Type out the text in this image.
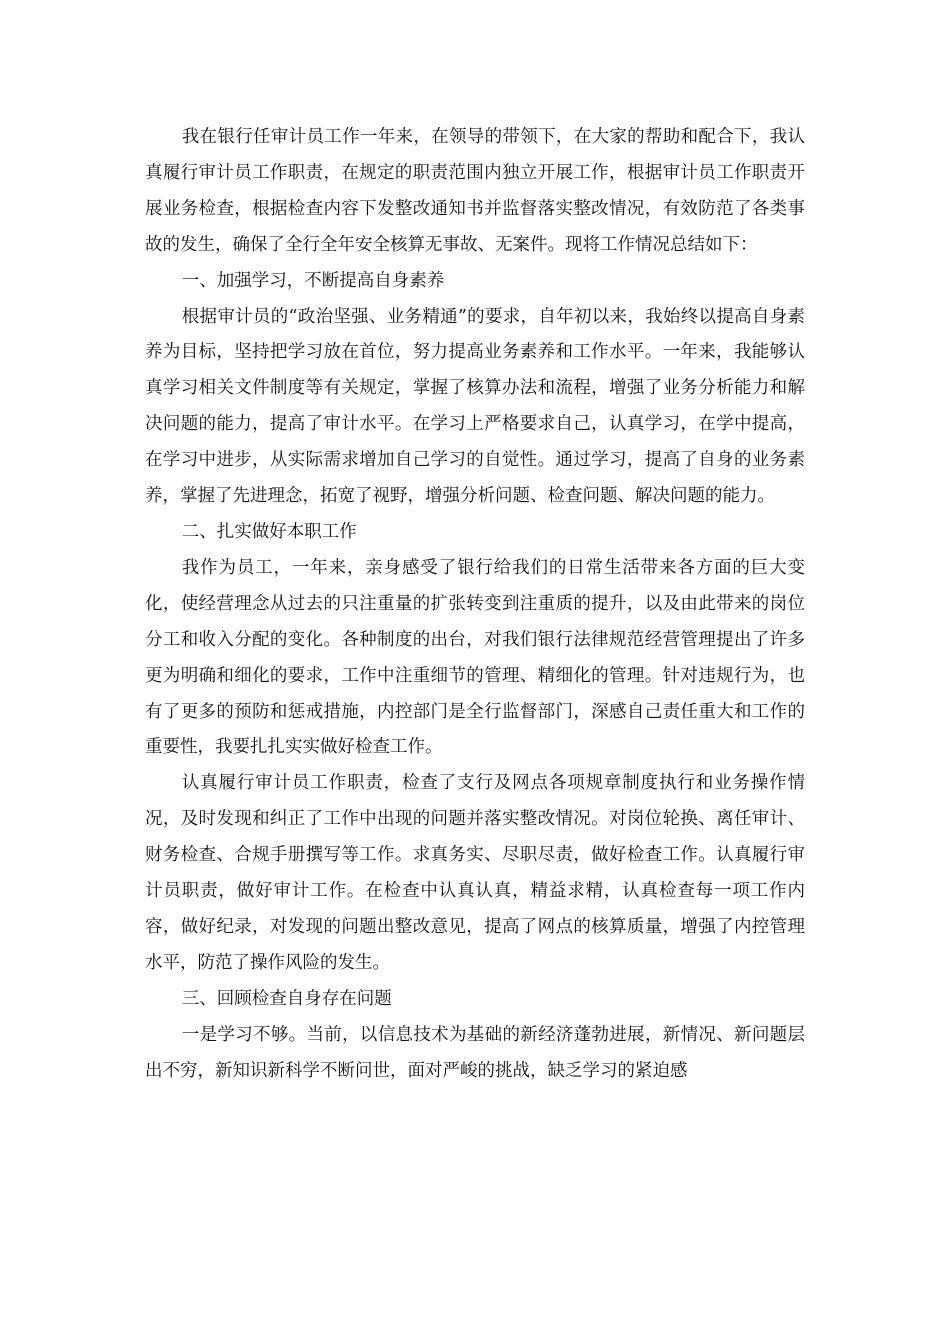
我在银行任审计员工作一年来，在领导的带领下，在大家的帮助和配合下，我认真履行审计员工作职责，在规定的职责范围内独立开展工作，根据审计员工作职责开展业务检查，根据检查内容下发整改通知书并监督落实整改情况，有效防范了各类事故的发生，确保了全行全年安全核算无事故、无案件。现将工作情况总结如下：

一、加强学习，不断提高自身素养

根据审计员的“政治坚强、业务精通”的要求，自年初以来，我始终以提高自身素养为目标，坚持把学习放在首位，努力提高业务素养和工作水平。一年来，我能够认真学习相关文件制度等有关规定，掌握了核算办法和流程，增强了业务分析能力和解决问题的能力，提高了审计水平。在学习上严格要求自己，认真学习，在学中提高，在学习中进步，从实际需求增加自己学习的自觉性。通过学习，提高了自身的业务素养，掌握了先进理念，拓宽了视野，增强分析问题、检查问题、解决问题的能力。

二、扎实做好本职工作

我作为员工，一年来，亲身感受了银行给我们的日常生活带来各方面的巨大变化，使经营理念从过去的只注重量的扩张转变到注重质的提升，以及由此带来的岗位分工和收入分配的变化。各种制度的出台，对我们银行法律规范经营管理提出了许多更为明确和细化的要求，工作中注重细节的管理、精细化的管理。针对违规行为，也有了更多的预防和惩戒措施，内控部门是全行监督部门，深感自己责任重大和工作的重要性，我要扎扎实实做好检查工作。

认真履行审计员工作职责，检查了支行及网点各项规章制度执行和业务操作情况，及时发现和纠正了工作中出现的问题并落实整改情况。对岗位轮换、离任审计、财务检查、合规手册撰写等工作。求真务实、尽职尽责，做好检查工作。认真履行审计员职责，做好审计工作。在检查中认真认真，精益求精，认真检查每一项工作内容，做好纪录，对发现的问题出整改意见，提高了网点的核算质量，增强了内控管理水平，防范了操作风险的发生。

三、回顾检查自身存在问题

一是学习不够。当前，以信息技术为基础的新经济蓬勃进展，新情况、新问题层出不穷，新知识新科学不断问世，面对严峻的挑战，缺乏学习的紧迫感
